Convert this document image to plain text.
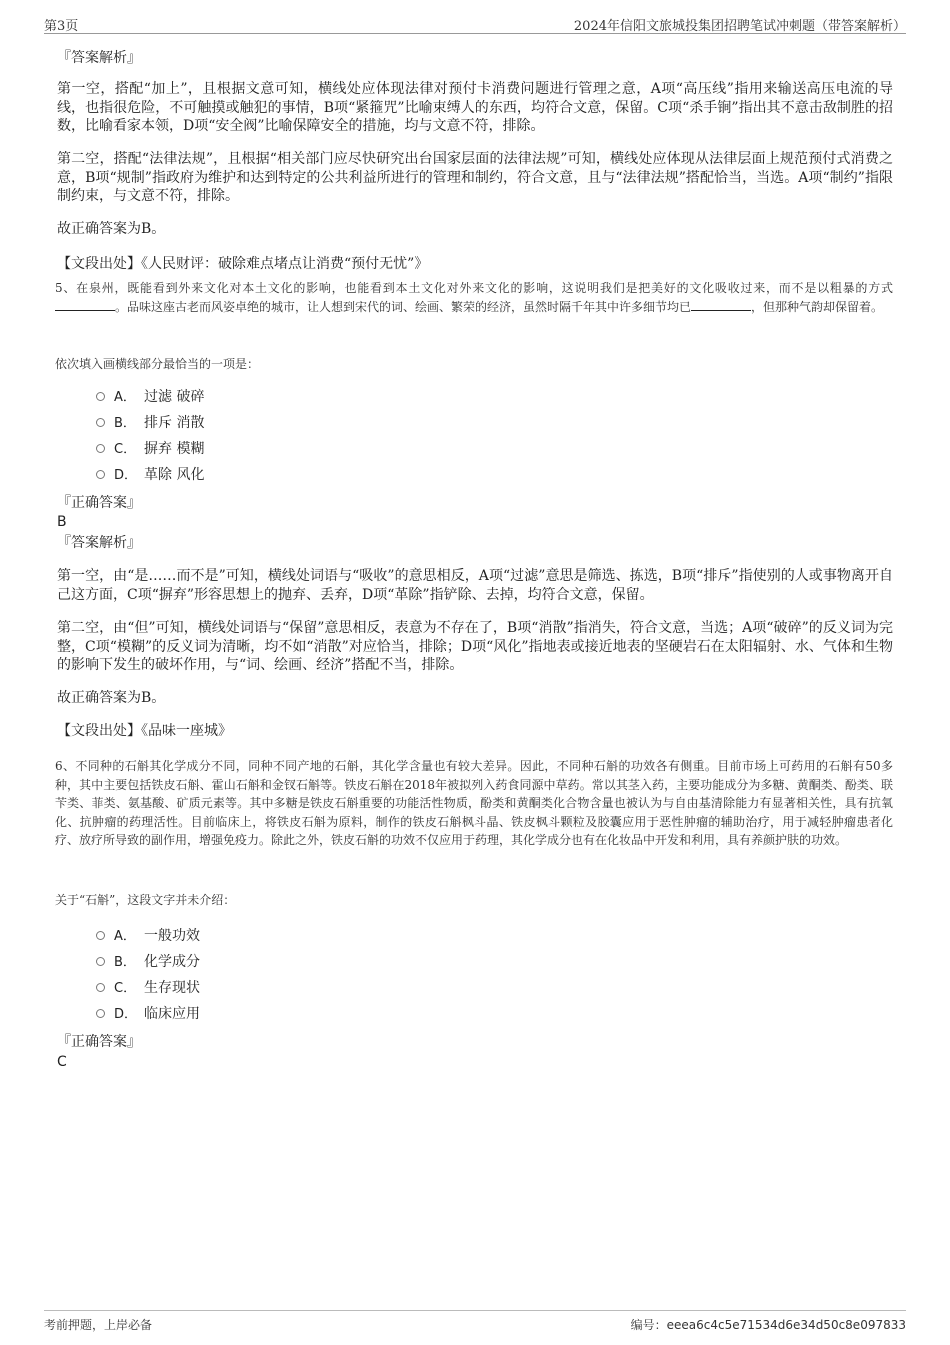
第3页	2024年信阳文旅城投集团招聘笔试冲刺题（带答案解析）
『答案解析』

第一空，搭配“加上”，且根据文意可知，横线处应体现法律对预付卡消费问题进行管理之意，A项“高压线”指用来输送高压电流的导线，也指很危险，不可触摸或触犯的事情，B项“紧箍咒”比喻束缚人的东西，均符合文意，保留。C项“杀手锏”指出其不意击敌制胜的招数，比喻看家本领，D项“安全阀”比喻保障安全的措施，均与文意不符，排除。

第二空，搭配“法律法规”，且根据“相关部门应尽快研究出台国家层面的法律法规”可知，横线处应体现从法律层面上规范预付式消费之意，B项“规制”指政府为维护和达到特定的公共利益所进行的管理和制约，符合文意，且与“法律法规”搭配恰当，当选。A项“制约”指限制约束，与文意不符，排除。

故正确答案为B。
【文段出处】《人民财评：破除难点堵点让消费“预付无忧”》

5、在泉州，既能看到外来文化对本土文化的影响，也能看到本土文化对外来文化的影响，这说明我们是把美好的文化吸收过来，而不是以粗暴的方式。品味这座古老而风姿卓绝的城市，让人想到宋代的词、绘画、繁荣的经济，虽然时隔千年其中许多细节均已	，但那种气韵却保留着。

依次填入画横线部分最恰当的一项是：
A． 过滤 破碎
B． 排斥 消散
C． 摒弃 模糊
D． 革除 风化
『正确答案』
B
『答案解析』

第一空，由“是……而不是”可知，横线处词语与“吸收”的意思相反，A项“过滤”意思是筛选、拣选，B项“排斥”指使别的人或事物离开自己这方面，C项“摒弃”形容思想上的抛弃、丢弃，D项“革除”指铲除、去掉，均符合文意，保留。

第二空，由“但”可知，横线处词语与“保留”意思相反，表意为不存在了，B项“消散”指消失，符合文意，当选；A项“破碎”的反义词为完整，C项“模糊”的反义词为清晰，均不如“消散”对应恰当，排除；D项“风化”指地表或接近地表的坚硬岩石在太阳辐射、水、气体和生物的影响下发生的破坏作用，与“词、绘画、经济”搭配不当，排除。

故正确答案为B。
【文段出处】《品味一座城》

6、不同种的石斛其化学成分不同，同种不同产地的石斛，其化学含量也有较大差异。因此，不同种石斛的功效各有侧重。目前市场上可药用的石斛有50多种，其中主要包括铁皮石斛、霍山石斛和金钗石斛等。铁皮石斛在2018年被拟列入药食同源中草药。常以其茎入药，主要功能成分为多糖、黄酮类、酚类、联苄类、菲类、氨基酸、矿质元素等。其中多糖是铁皮石斛重要的功能活性物质，酚类和黄酮类化合物含量也被认为与自由基清除能力有显著相关性，具有抗氧化、抗肿瘤的药理活性。目前临床上，将铁皮石斛为原料，制作的铁皮石斛枫斗晶、铁皮枫斗颗粒及胶囊应用于恶性肿瘤的辅助治疗，用于减轻肿瘤患者化疗、放疗所导致的副作用，增强免疫力。除此之外，铁皮石斛的功效不仅应用于药理，其化学成分也有在化妆品中开发和利用，具有养颜护肤的功效。

关于“石斛”，这段文字并未介绍：
A． 一般功效
B． 化学成分
C． 生存现状
D． 临床应用
『正确答案』
C
考前押题，上岸必备	编号：eeea6c4c5e71534d6e34d50c8e097833
